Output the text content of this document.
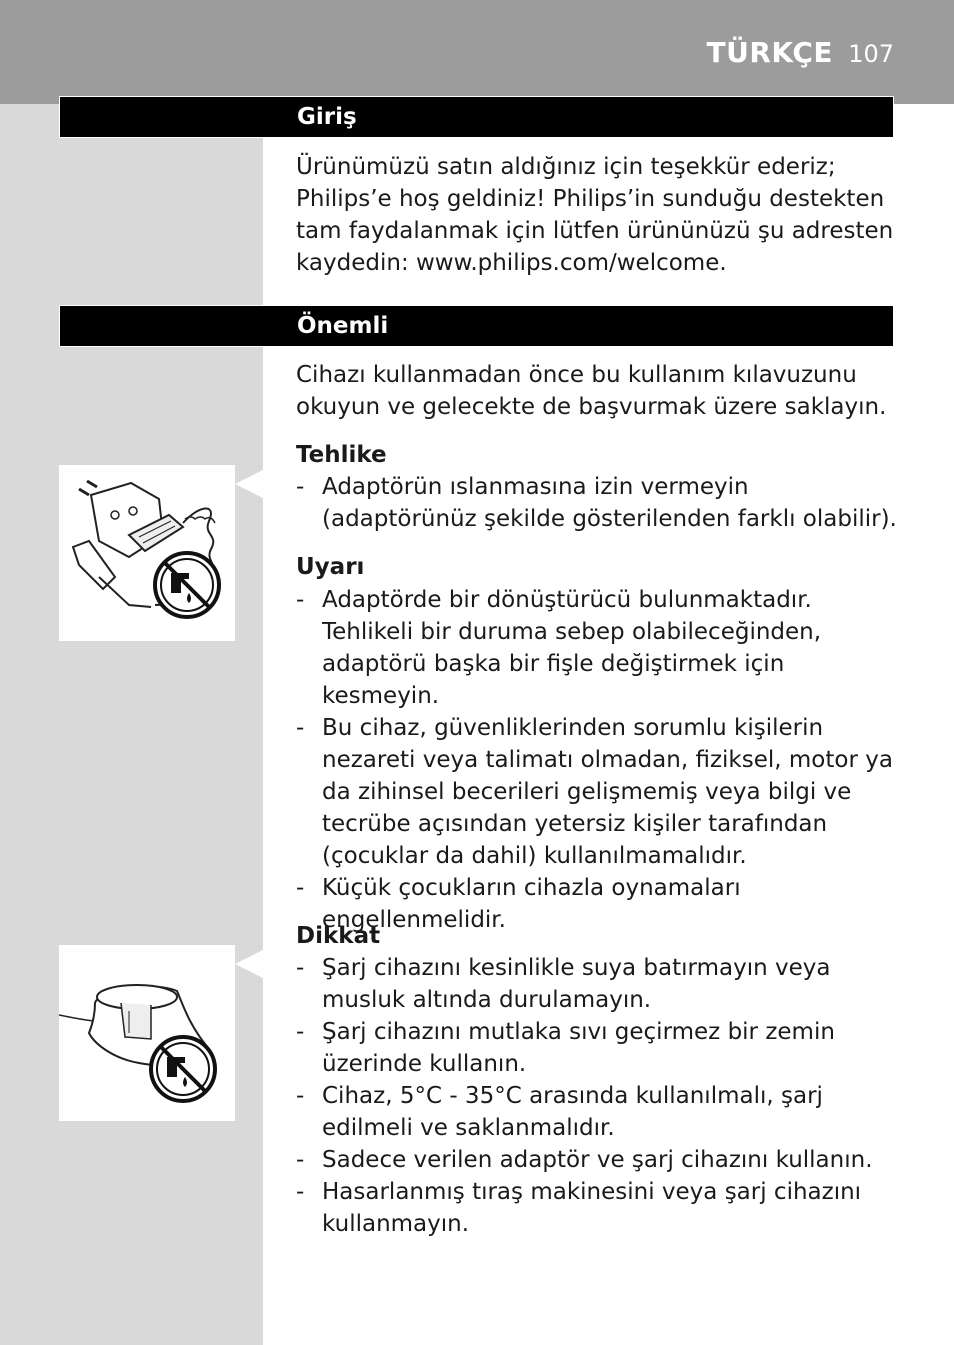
TÜRKÇE 107
Giriş

Ürünümüzü satın aldığınız için teşekkür ederiz; Philips’e hoş geldiniz! Philips’in sunduğu destekten tam faydalanmak için lütfen ürününüzü şu adresten kaydedin: www.philips.com/welcome.

Önemli

Cihazı kullanmadan önce bu kullanım kılavuzunu okuyun ve gelecekte de başvurmak üzere saklayın.

Tehlike
- Adaptörün ıslanmasına izin vermeyin (adaptörünüz şekilde gösterilenden farklı olabilir).
Uyarı
- Adaptörde bir dönüştürücü bulunmaktadır. Tehlikeli bir duruma sebep olabileceğinden, adaptörü başka bir fişle değiştirmek için kesmeyin.
- Bu cihaz, güvenliklerinden sorumlu kişilerin nezareti veya talimatı olmadan, fiziksel, motor ya da zihinsel becerileri gelişmemiş veya bilgi ve tecrübe açısından yetersiz kişiler tarafından (çocuklar da dahil) kullanılmamalıdır.
- Küçük çocukların cihazla oynamaları engellenmelidir.
Dikkat
- Şarj cihazını kesinlikle suya batırmayın veya musluk altında durulamayın.
- Şarj cihazını mutlaka sıvı geçirmez bir zemin üzerinde kullanın.
- Cihaz, 5°C - 35°C arasında kullanılmalı, şarj edilmeli ve saklanmalıdır.
- Sadece verilen adaptör ve şarj cihazını kullanın.
- Hasarlanmış tıraş makinesini veya şarj cihazını kullanmayın.
